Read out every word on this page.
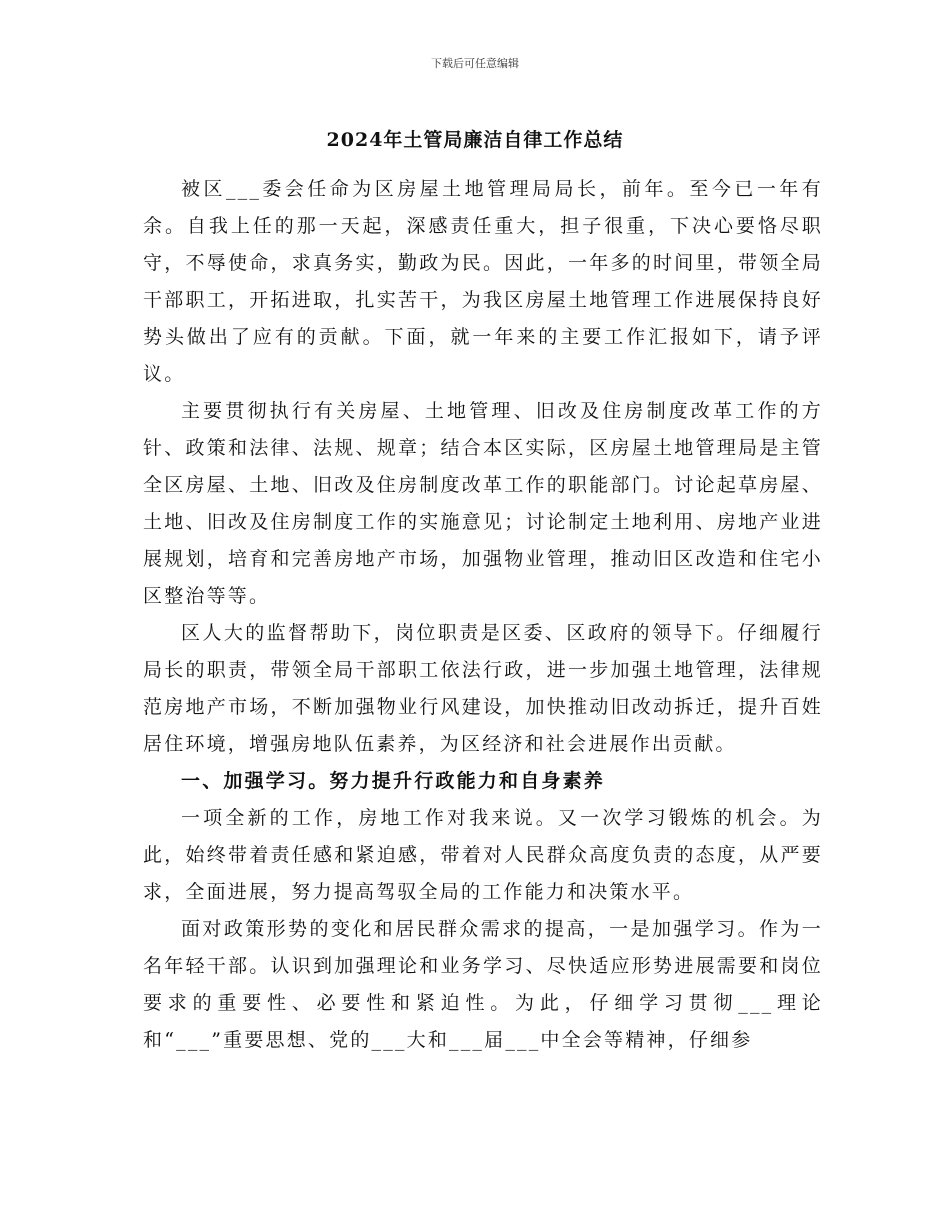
下载后可任意编辑
2024年土管局廉洁自律工作总结

被区___委会任命为区房屋土地管理局局长，前年。至今已一年有余。自我上任的那一天起，深感责任重大，担子很重，下决心要恪尽职守，不辱使命，求真务实，勤政为民。因此，一年多的时间里，带领全局干部职工，开拓进取，扎实苦干，为我区房屋土地管理工作进展保持良好势头做出了应有的贡献。下面，就一年来的主要工作汇报如下，请予评议。

主要贯彻执行有关房屋、土地管理、旧改及住房制度改革工作的方针、政策和法律、法规、规章；结合本区实际，区房屋土地管理局是主管全区房屋、土地、旧改及住房制度改革工作的职能部门。讨论起草房屋、土地、旧改及住房制度工作的实施意见；讨论制定土地利用、房地产业进展规划，培育和完善房地产市场，加强物业管理，推动旧区改造和住宅小区整治等等。

区人大的监督帮助下，岗位职责是区委、区政府的领导下。仔细履行局长的职责，带领全局干部职工依法行政，进一步加强土地管理，法律规范房地产市场，不断加强物业行风建设，加快推动旧改动拆迁，提升百姓居住环境，增强房地队伍素养，为区经济和社会进展作出贡献。

一、加强学习。努力提升行政能力和自身素养

一项全新的工作，房地工作对我来说。又一次学习锻炼的机会。为此，始终带着责任感和紧迫感，带着对人民群众高度负责的态度，从严要求，全面进展，努力提高驾驭全局的工作能力和决策水平。

面对政策形势的变化和居民群众需求的提高，一是加强学习。作为一名年轻干部。认识到加强理论和业务学习、尽快适应形势进展需要和岗位要求的重要性、必要性和紧迫性。为此，仔细学习贯彻___理论和“___”重要思想、党的___大和___届___中全会等精神，仔细参
